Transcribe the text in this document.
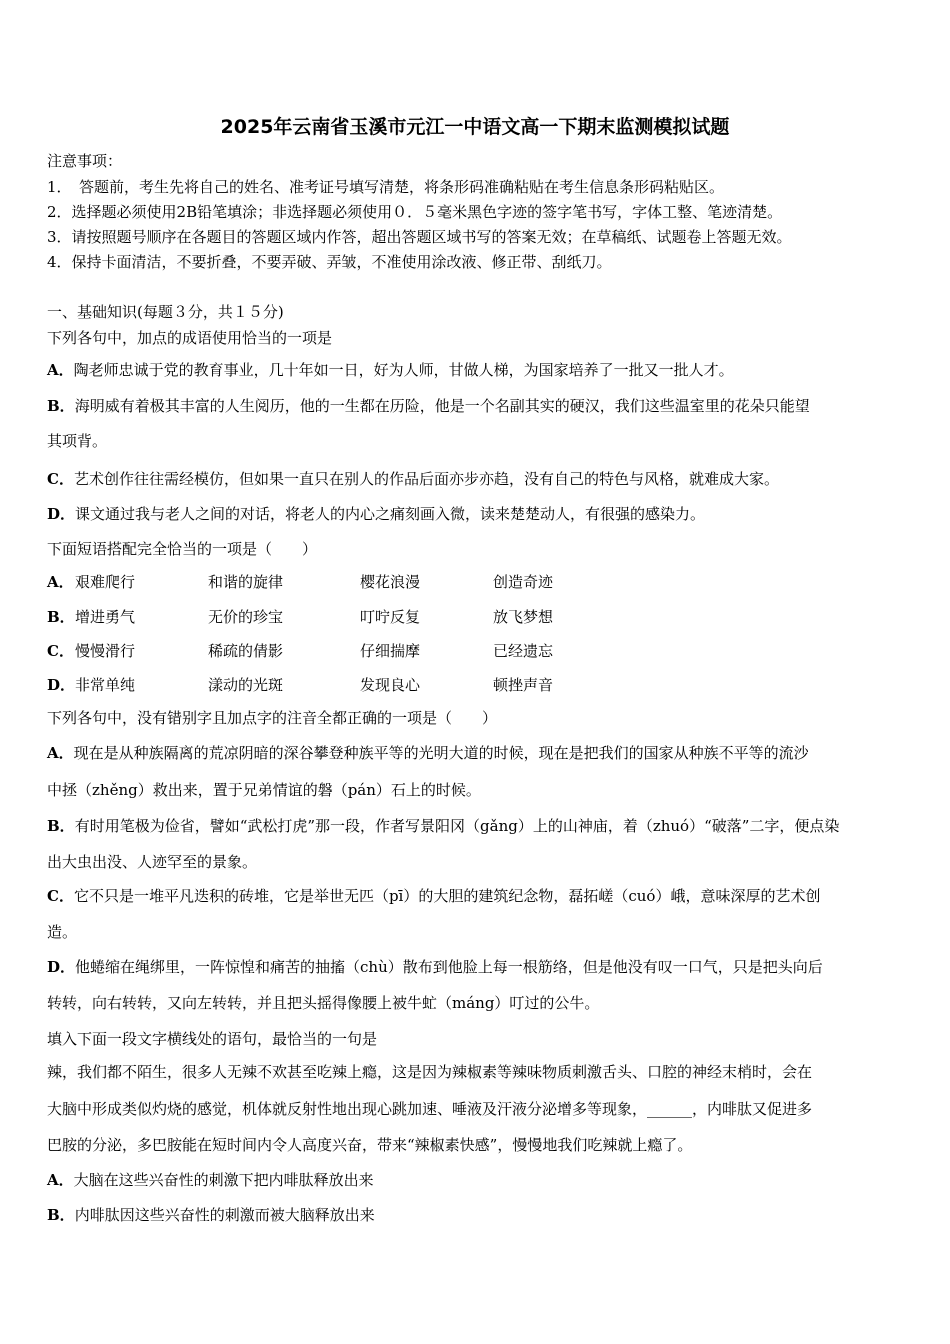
2025年云南省玉溪市元江一中语文高一下期末监测模拟试题
注意事项：
1．　答题前，考生先将自己的姓名、准考证号填写清楚，将条形码准确粘贴在考生信息条形码粘贴区。
2．选择题必须使用2B铅笔填涂；非选择题必须使用０．５毫米黑色字迹的签字笔书写，字体工整、笔迹清楚。
3．请按照题号顺序在各题目的答题区域内作答，超出答题区域书写的答案无效；在草稿纸、试题卷上答题无效。
4．保持卡面清洁，不要折叠，不要弄破、弄皱，不准使用涂改液、修正带、刮纸刀。
一、基础知识(每题３分，共１５分)
下列各句中，加点的成语使用恰当的一项是
A．陶老师忠诚于党的教育事业，几十年如一日，好为人师，甘做人梯，为国家培养了一批又一批人才。
B．海明威有着极其丰富的人生阅历，他的一生都在历险，他是一个名副其实的硬汉，我们这些温室里的花朵只能望
其项背。
C．艺术创作往往需经模仿，但如果一直只在别人的作品后面亦步亦趋，没有自己的特色与风格，就难成大家。
D．课文通过我与老人之间的对话，将老人的内心之痛刻画入微，读来楚楚动人，有很强的感染力。
下面短语搭配完全恰当的一项是（　　）
A． 艰难爬行	和谐的旋律	樱花浪漫	创造奇迹
B． 增进勇气	无价的珍宝	叮咛反复	放飞梦想
C． 慢慢滑行	稀疏的倩影	仔细揣摩	已经遗忘
D． 非常单纯	漾动的光斑	发现良心	顿挫声音
下列各句中，没有错别字且加点字的注音全都正确的一项是（　　）
A．现在是从种族隔离的荒凉阴暗的深谷攀登种族平等的光明大道的时候，现在是把我们的国家从种族不平等的流沙
中拯（zhěng）救出来，置于兄弟情谊的磐（pán）石上的时候。
B．有时用笔极为俭省，譬如“武松打虎”那一段，作者写景阳冈（gǎng）上的山神庙，着（zhuó）“破落”二字，便点染
出大虫出没、人迹罕至的景象。
C．它不只是一堆平凡迭积的砖堆，它是举世无匹（pī）的大胆的建筑纪念物，磊拓嵯（cuó）峨，意味深厚的艺术创
造。
D．他蜷缩在绳绑里，一阵惊惶和痛苦的抽搐（chù）散布到他脸上每一根筋络，但是他没有叹一口气，只是把头向后
转转，向右转转，又向左转转，并且把头摇得像腰上被牛虻（máng）叮过的公牛。
填入下面一段文字横线处的语句，最恰当的一句是
辣，我们都不陌生，很多人无辣不欢甚至吃辣上瘾，这是因为辣椒素等辣味物质刺激舌头、口腔的神经末梢时，会在
大脑中形成类似灼烧的感觉，机体就反射性地出现心跳加速、唾液及汗液分泌增多等现象，______，内啡肽又促进多
巴胺的分泌，多巴胺能在短时间内令人高度兴奋，带来“辣椒素快感”，慢慢地我们吃辣就上瘾了。
A．大脑在这些兴奋性的刺激下把内啡肽释放出来
B．内啡肽因这些兴奋性的刺激而被大脑释放出来
